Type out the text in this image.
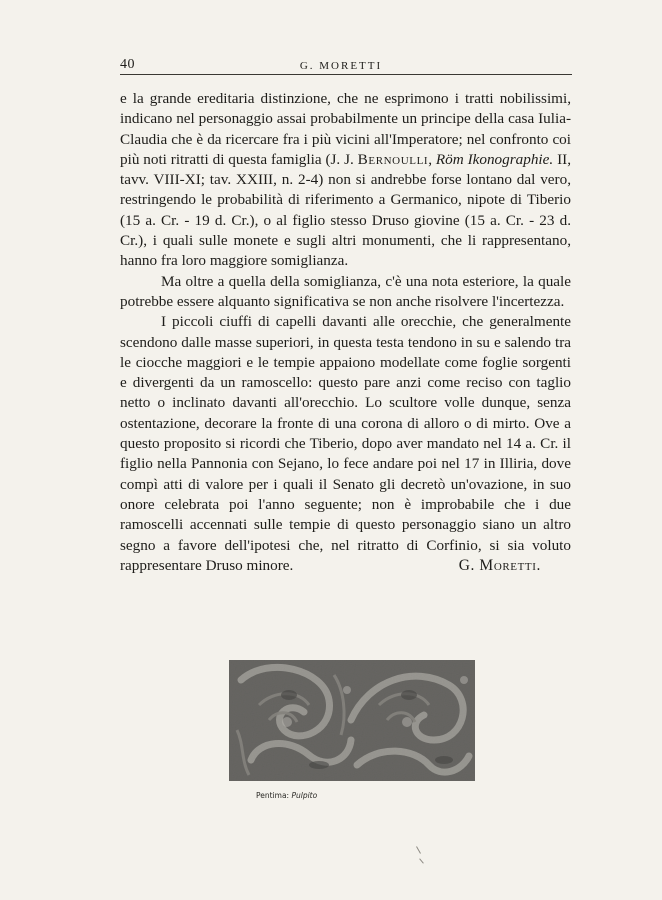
40	G. MORETTI

e la grande ereditaria distinzione, che ne esprimono i tratti nobilissimi, indicano nel personaggio assai probabilmente un principe della casa Iulia-Claudia che è da ricercare fra i più vicini all'Imperatore; nel confronto coi più noti ritratti di questa famiglia (J. J. Bernoulli, Röm Ikonographie. II, tavv. VIII-XI; tav. XXIII, n. 2-4) non si andrebbe forse lontano dal vero, restringendo le probabilità di riferimento a Germanico, nipote di Tiberio (15 a. Cr. - 19 d. Cr.), o al figlio stesso Druso giovine (15 a. Cr. - 23 d. Cr.), i quali sulle monete e sugli altri monumenti, che li rappresentano, hanno fra loro maggiore somiglianza.

Ma oltre a quella della somiglianza, c'è una nota esteriore, la quale potrebbe essere alquanto significativa se non anche risolvere l'incertezza.

I piccoli ciuffi di capelli davanti alle orecchie, che generalmente scendono dalle masse superiori, in questa testa tendono in su e salendo tra le ciocche maggiori e le tempie appaiono modellate come foglie sorgenti e divergenti da un ramoscello: questo pare anzi come reciso con taglio netto o inclinato davanti all'orecchio. Lo scultore volle dunque, senza ostentazione, decorare la fronte di una corona di alloro o di mirto. Ove a questo proposito si ricordi che Tiberio, dopo aver mandato nel 14 a. Cr. il figlio nella Pannonia con Sejano, lo fece andare poi nel 17 in Illiria, dove compì atti di valore per i quali il Senato gli decretò un'ovazione, in suo onore celebrata poi l'anno seguente; non è improbabile che i due ramoscelli accennati sulle tempie di questo personaggio siano un altro segno a favore dell'ipotesi che, nel ritratto di Corfinio, si sia voluto rappresentare Druso minore.	G. Moretti.

Pentima: Pulpito
